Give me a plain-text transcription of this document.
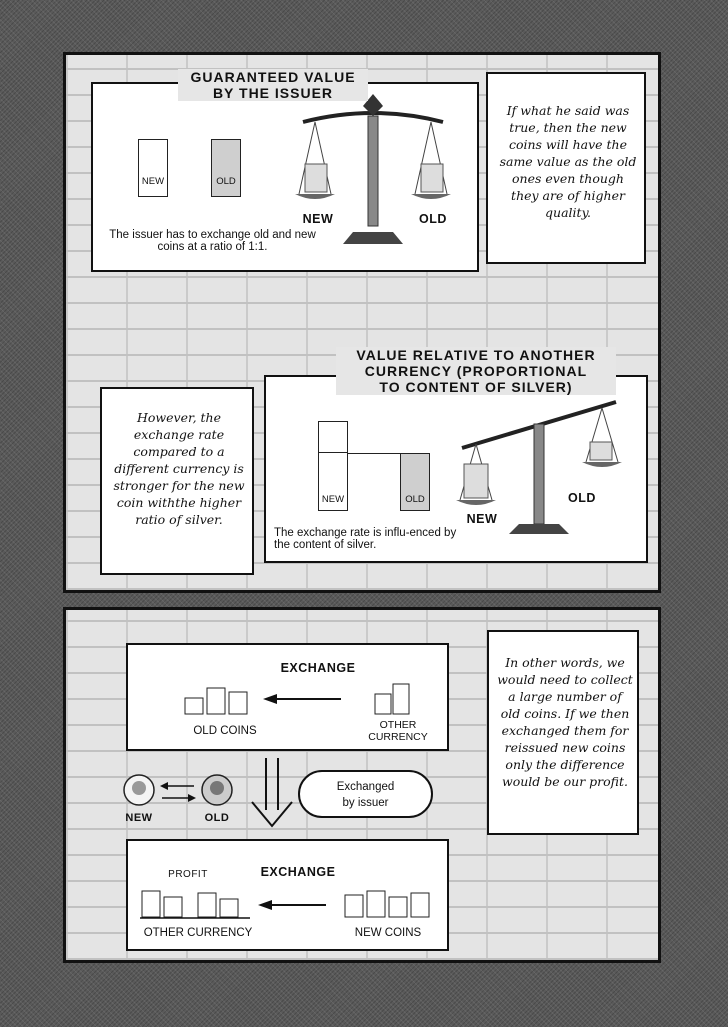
NEW	OLD
NEW	OLD
The issuer has to exchange old and new coins at a ratio of 1:1.
GUARANTEED VALUE
BY THE ISSUER
If what he said was true, then the new coins will have the same value as the old ones even though they are of higher quality.
However, the exchange rate compared to a different currency is stronger for the new coin withthe higher ratio of silver.
NEW	OLD
NEW
OLD
The exchange rate is influ-enced by the content of silver.
VALUE RELATIVE TO ANOTHER
CURRENCY (PROPORTIONAL
TO CONTENT OF SILVER)
EXCHANGE
OLD COINS	OTHER
CURRENCY
NEW	OLD
Exchanged
by issuer
PROFIT	EXCHANGE
OTHER CURRENCY	NEW COINS
In other words, we would need to collect a large number of old coins. If we then exchanged them for reissued new coins only the difference would be our profit.
